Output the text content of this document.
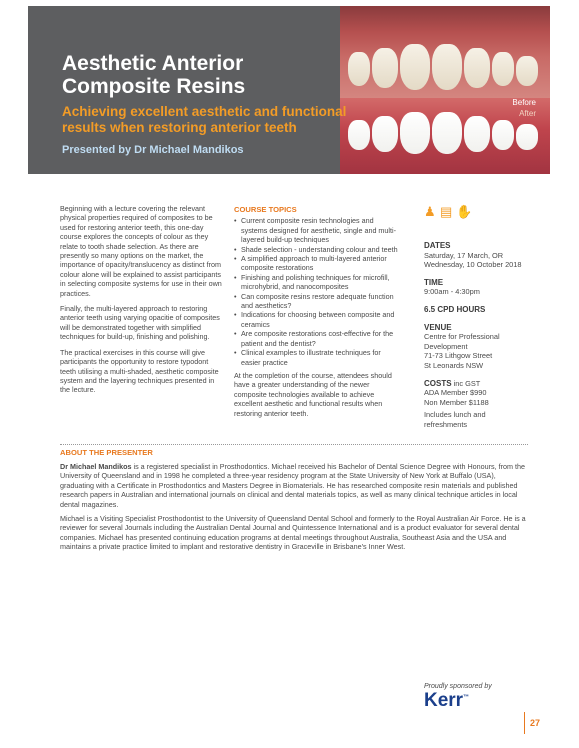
Before
After
Aesthetic Anterior Composite Resins
Achieving excellent aesthetic and functional results when restoring anterior teeth
Presented by Dr Michael Mandikos

Beginning with a lecture covering the relevant physical properties required of composites to be used for restoring anterior teeth, this one-day course explores the concepts of colour as they relate to tooth shade selection. As there are presently so many options on the market, the importance of opacity/translucency as distinct from colour alone will be explained to assist participants in selecting composite systems for use in their own practices.

Finally, the multi-layered approach to restoring anterior teeth using varying opacitie of composites will be demonstrated together with simplified techniques for build-up, finishing and polishing.

The practical exercises in this course will give participants the opportunity to restore typodont teeth utilising a multi-shaded, aesthetic composite system and the layering techniques presented in the lecture.

COURSE TOPICS
• Current composite resin technologies and systems designed for aesthetic, single and multi-layered build-up techniques
• Shade selection - understanding colour and teeth
• A simplified approach to multi-layered anterior composite restorations
• Finishing and polishing techniques for microfill, microhybrid, and nanocomposites
• Can composite resins restore adequate function and aesthetics?
• Indications for choosing between composite and ceramics
• Are composite restorations cost-effective for the patient and the dentist?
• Clinical examples to illustrate techniques for easier practice

At the completion of the course, attendees should have a greater understanding of the newer composite technologies available to achieve excellent aesthetic and functional results when restoring anterior teeth.

♟ ▤ ✋
DATES
Saturday, 17 March, OR
Wednesday, 10 October 2018
TIME
9:00am - 4:30pm
6.5 CPD HOURS
VENUE
Centre for Professional
Development
71-73 Lithgow Street
St Leonards NSW
COSTS inc GST
ADA Member $990
Non Member $1188
Includes lunch and refreshments
ABOUT THE PRESENTER

Dr Michael Mandikos is a registered specialist in Prosthodontics. Michael received his Bachelor of Dental Science Degree with Honours, from the University of Queensland and in 1998 he completed a three-year residency program at the State University of New York at Buffalo (USA), graduating with a Certificate in Prosthodontics and Masters Degree in Biomaterials. He has researched composite resin materials and published research papers in Australian and international journals on clinical and dental materials topics, as well as many clinical technique articles in local dental magazines.

Michael is a Visiting Specialist Prosthodontist to the University of Queensland Dental School and formerly to the Royal Australian Air Force. He is a reviewer for several Journals including the Australian Dental Journal and Quintessence International and is a product evaluator for several dental companies. Michael has presented continuing education programs at dental meetings throughout Australia, Southeast Asia and the USA and maintains a private practice limited to implant and restorative dentistry in Graceville in Brisbane's Inner West.

Proudly sponsored by
Kerr™
27
